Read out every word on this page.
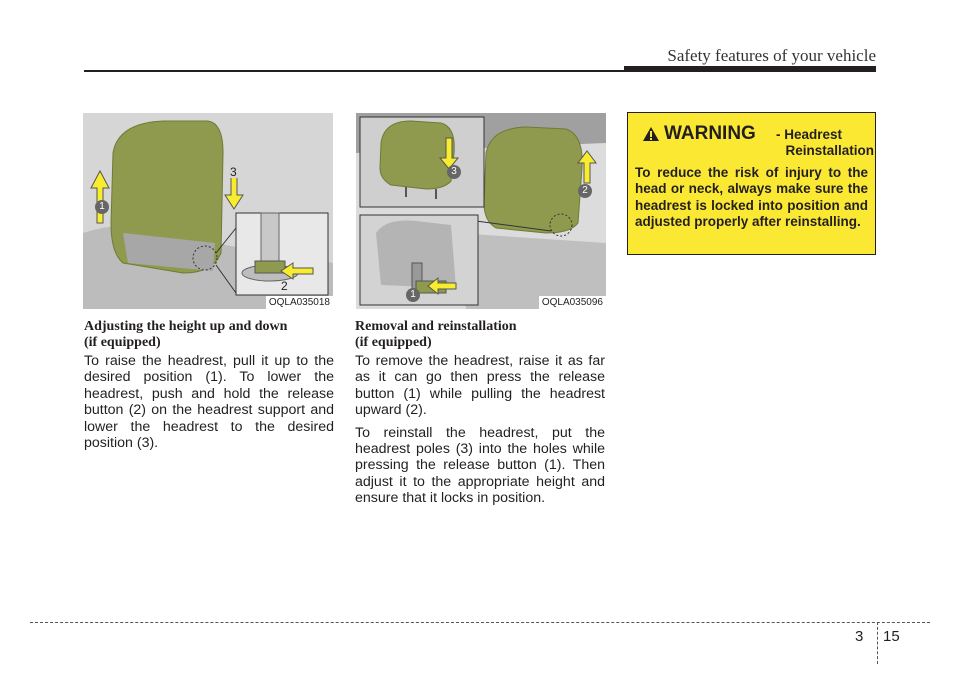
Safety features of your vehicle
1
3
2
OQLA035018
3
2
1
OQLA035096
Adjusting the height up and down
(if equipped)

To raise the headrest, pull it up to the desired position (1). To lower the headrest, push and hold the release button (2) on the headrest support and lower the headrest to the desired position (3).

Removal and reinstallation
(if equipped)

To remove the headrest, raise it as far as it can go then press the release button (1) while pulling the headrest upward (2).

To reinstall the headrest, put the headrest poles (3) into the holes while pressing the release button (1). Then adjust it to the appropriate height and ensure that it locks in position.

WARNING - Headrest
Reinstallation
To reduce the risk of injury to the head or neck, always make sure the headrest is locked into position and adjusted properly after reinstalling.
3 15
